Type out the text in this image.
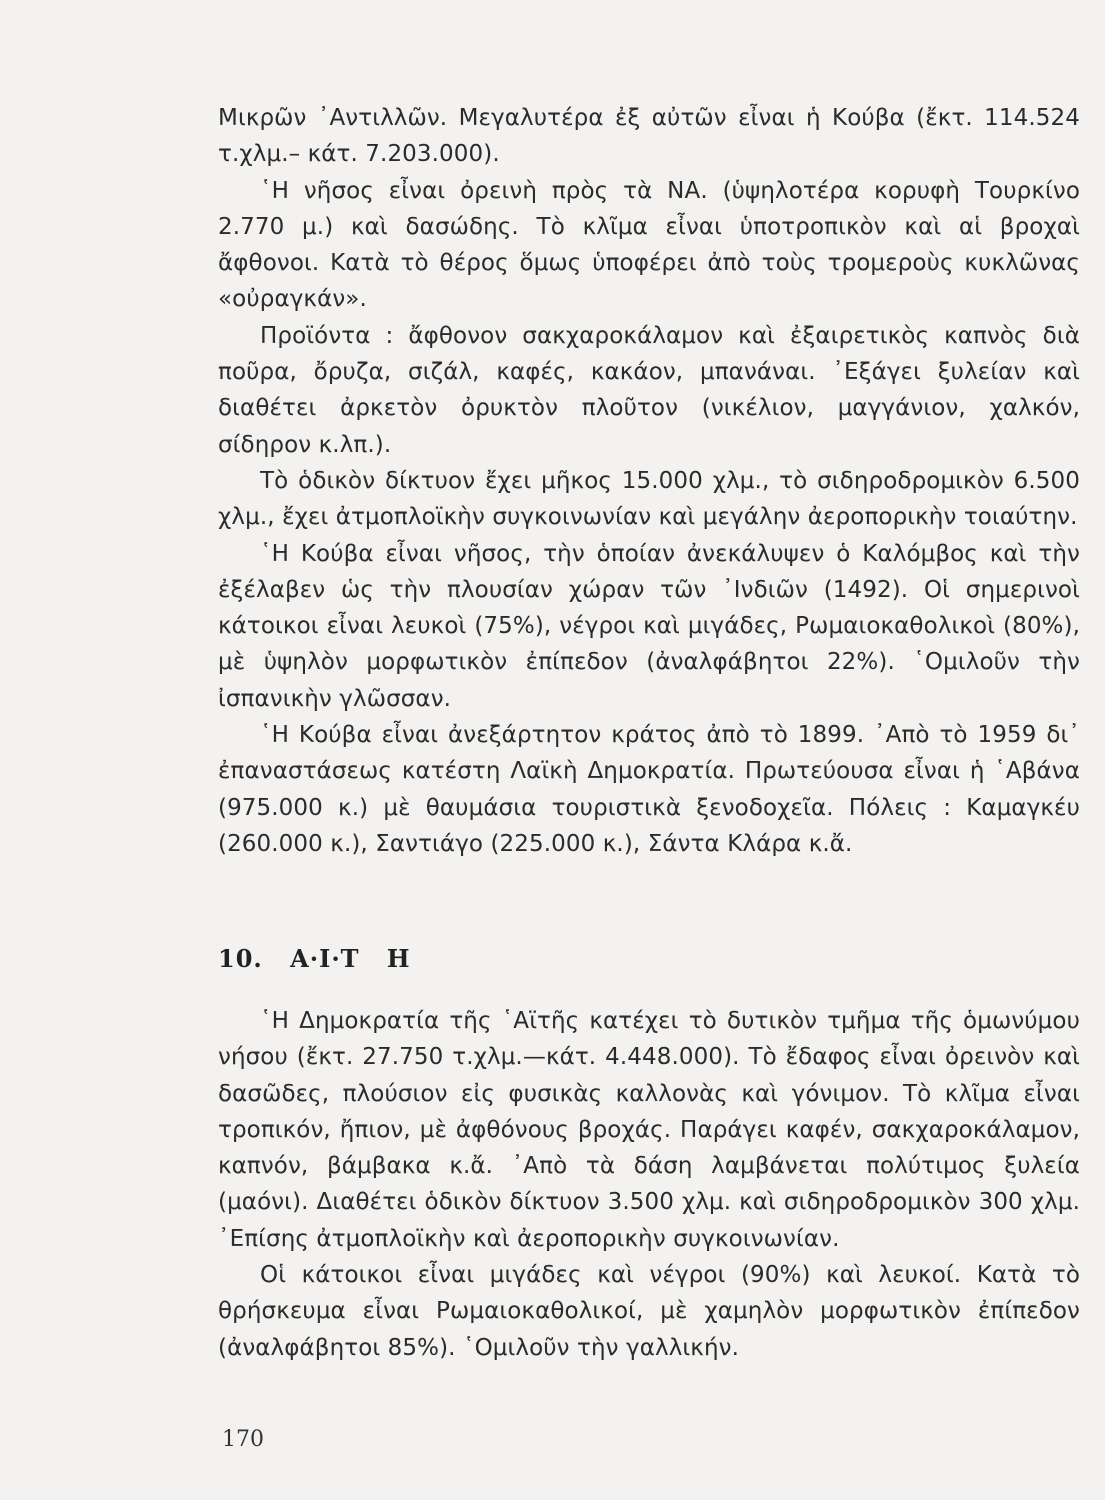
Μικρῶν ᾿Αντιλλῶν. Μεγαλυτέρα ἐξ αὐτῶν εἶναι ἡ Κούβα (ἔκτ. 114.524 τ.χλμ.– κάτ. 7.203.000).

῾Η νῆσος εἶναι ὀρεινὴ πρὸς τὰ ΝΑ. (ὑψηλοτέρα κορυφὴ Τουρκίνο 2.770 μ.) καὶ δασώδης. Τὸ κλῖμα εἶναι ὑποτροπικὸν καὶ αἱ βροχαὶ ἄφθονοι. Κατὰ τὸ θέρος ὅμως ὑποφέρει ἀπὸ τοὺς τρομεροὺς κυκλῶνας «οὐραγκάν».

Προϊόντα : ἄφθονον σακχαροκάλαμον καὶ ἐξαιρετικὸς καπνὸς διὰ ποῦρα, ὄρυζα, σιζάλ, καφές, κακάον, μπανάναι. ᾿Εξάγει ξυλείαν καὶ διαθέτει ἀρκετὸν ὀρυκτὸν πλοῦτον (νικέλιον, μαγγάνιον, χαλκόν, σίδηρον κ.λπ.).

Τὸ ὁδικὸν δίκτυον ἔχει μῆκος 15.000 χλμ., τὸ σιδηροδρομικὸν 6.500 χλμ., ἔχει ἀτμοπλοϊκὴν συγκοινωνίαν καὶ μεγάλην ἀεροπορικὴν τοιαύτην.

῾Η Κούβα εἶναι νῆσος, τὴν ὁποίαν ἀνεκάλυψεν ὁ Καλόμβος καὶ τὴν ἐξέλαβεν ὡς τὴν πλουσίαν χώραν τῶν ᾿Ινδιῶν (1492). Οἱ σημερινοὶ κάτοικοι εἶναι λευκοὶ (75%), νέγροι καὶ μιγάδες, Ρωμαιοκαθολικοὶ (80%), μὲ ὑψηλὸν μορφωτικὸν ἐπίπεδον (ἀναλφάβητοι 22%). ῾Ομιλοῦν τὴν ἰσπανικὴν γλῶσσαν.

῾Η Κούβα εἶναι ἀνεξάρτητον κράτος ἀπὸ τὸ 1899. ᾿Απὸ τὸ 1959 δι᾿ ἐπαναστάσεως κατέστη Λαϊκὴ Δημοκρατία. Πρωτεύουσα εἶναι ἡ ῾Αβάνα (975.000 κ.) μὲ θαυμάσια τουριστικὰ ξενοδοχεῖα. Πόλεις : Καμαγκέυ (260.000 κ.), Σαντιάγο (225.000 κ.), Σάντα Κλάρα κ.ἄ.

10. Α·Ι·Τ Η

῾Η Δημοκρατία τῆς ῾Αϊτῆς κατέχει τὸ δυτικὸν τμῆμα τῆς ὁμωνύμου νήσου (ἔκτ. 27.750 τ.χλμ.—κάτ. 4.448.000). Τὸ ἔδαφος εἶναι ὀρεινὸν καὶ δασῶδες, πλούσιον εἰς φυσικὰς καλλονὰς καὶ γόνιμον. Τὸ κλῖμα εἶναι τροπικόν, ἤπιον, μὲ ἀφθόνους βροχάς. Παράγει καφέν, σακχαροκάλαμον, καπνόν, βάμβακα κ.ἄ. ᾿Απὸ τὰ δάση λαμβάνεται πολύτιμος ξυλεία (μαόνι). Διαθέτει ὁδικὸν δίκτυον 3.500 χλμ. καὶ σιδηροδρομικὸν 300 χλμ. ᾿Επίσης ἀτμοπλοϊκὴν καὶ ἀεροπορικὴν συγκοινωνίαν.

Οἱ κάτοικοι εἶναι μιγάδες καὶ νέγροι (90%) καὶ λευκοί. Κατὰ τὸ θρήσκευμα εἶναι Ρωμαιοκαθολικοί, μὲ χαμηλὸν μορφωτικὸν ἐπίπεδον (ἀναλφάβητοι 85%). ῾Ομιλοῦν τὴν γαλλικήν.

170
